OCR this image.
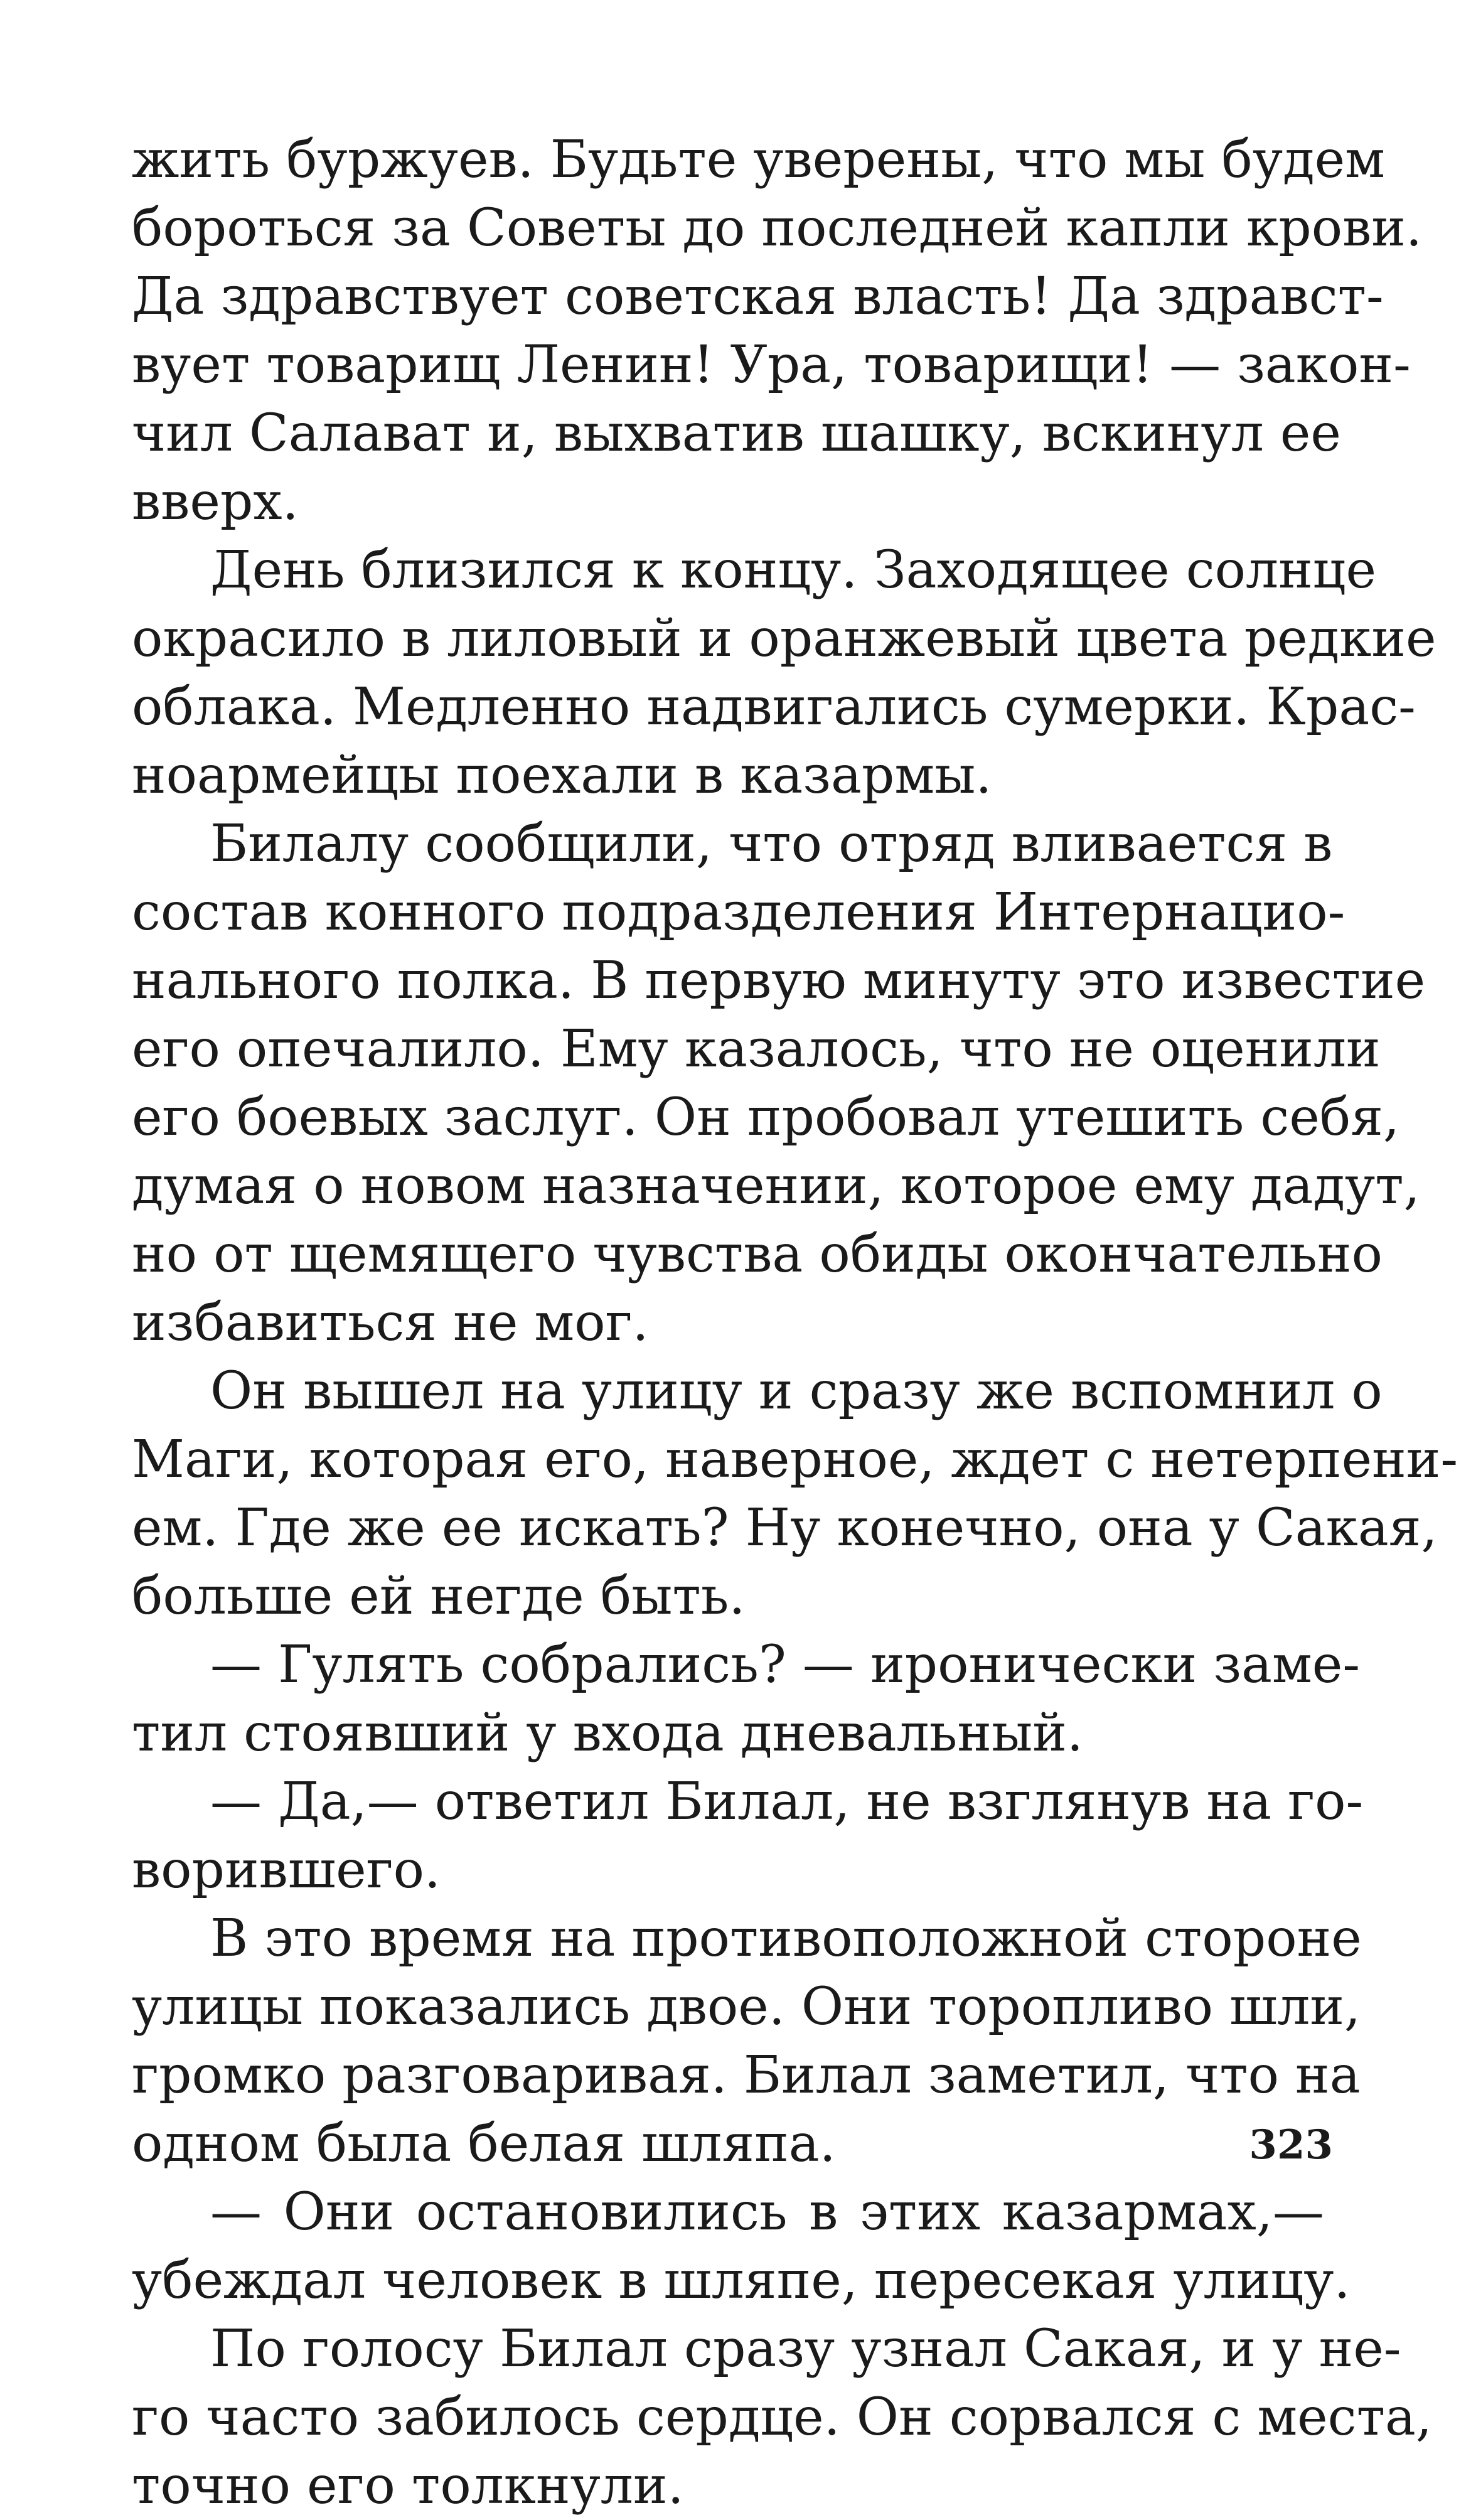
жить буржуев. Будьте уверены, что мы будем
бороться за Советы до последней капли крови.
Да здравствует советская власть! Да здравст-
вует товарищ Ленин! Ура, товарищи! — закон-
чил Салават и, выхватив шашку, вскинул ее
вверх.
День близился к концу. Заходящее солнце
окрасило в лиловый и оранжевый цвета редкие
облака. Медленно надвигались сумерки. Крас-
ноармейцы поехали в казармы.
Билалу сообщили, что отряд вливается в
состав конного подразделения Интернацио-
нального полка. В первую минуту это известие
его опечалило. Ему казалось, что не оценили
его боевых заслуг. Он пробовал утешить себя,
думая о новом назначении, которое ему дадут,
но от щемящего чувства обиды окончательно
избавиться не мог.
Он вышел на улицу и сразу же вспомнил о
Маги, которая его, наверное, ждет с нетерпени-
ем. Где же ее искать? Ну конечно, она у Сакая,
больше ей негде быть.
— Гулять собрались? — иронически заме-
тил стоявший у входа дневальный.
— Да,— ответил Билал, не взглянув на го-
ворившего.
В это время на противоположной стороне
улицы показались двое. Они торопливо шли,
громко разговаривая. Билал заметил, что на
одном была белая шляпа.
— Они остановились в этих казармах,—
убеждал человек в шляпе, пересекая улицу.
По голосу Билал сразу узнал Сакая, и у не-
го часто забилось сердце. Он сорвался с места,
точно его толкнули.
323
